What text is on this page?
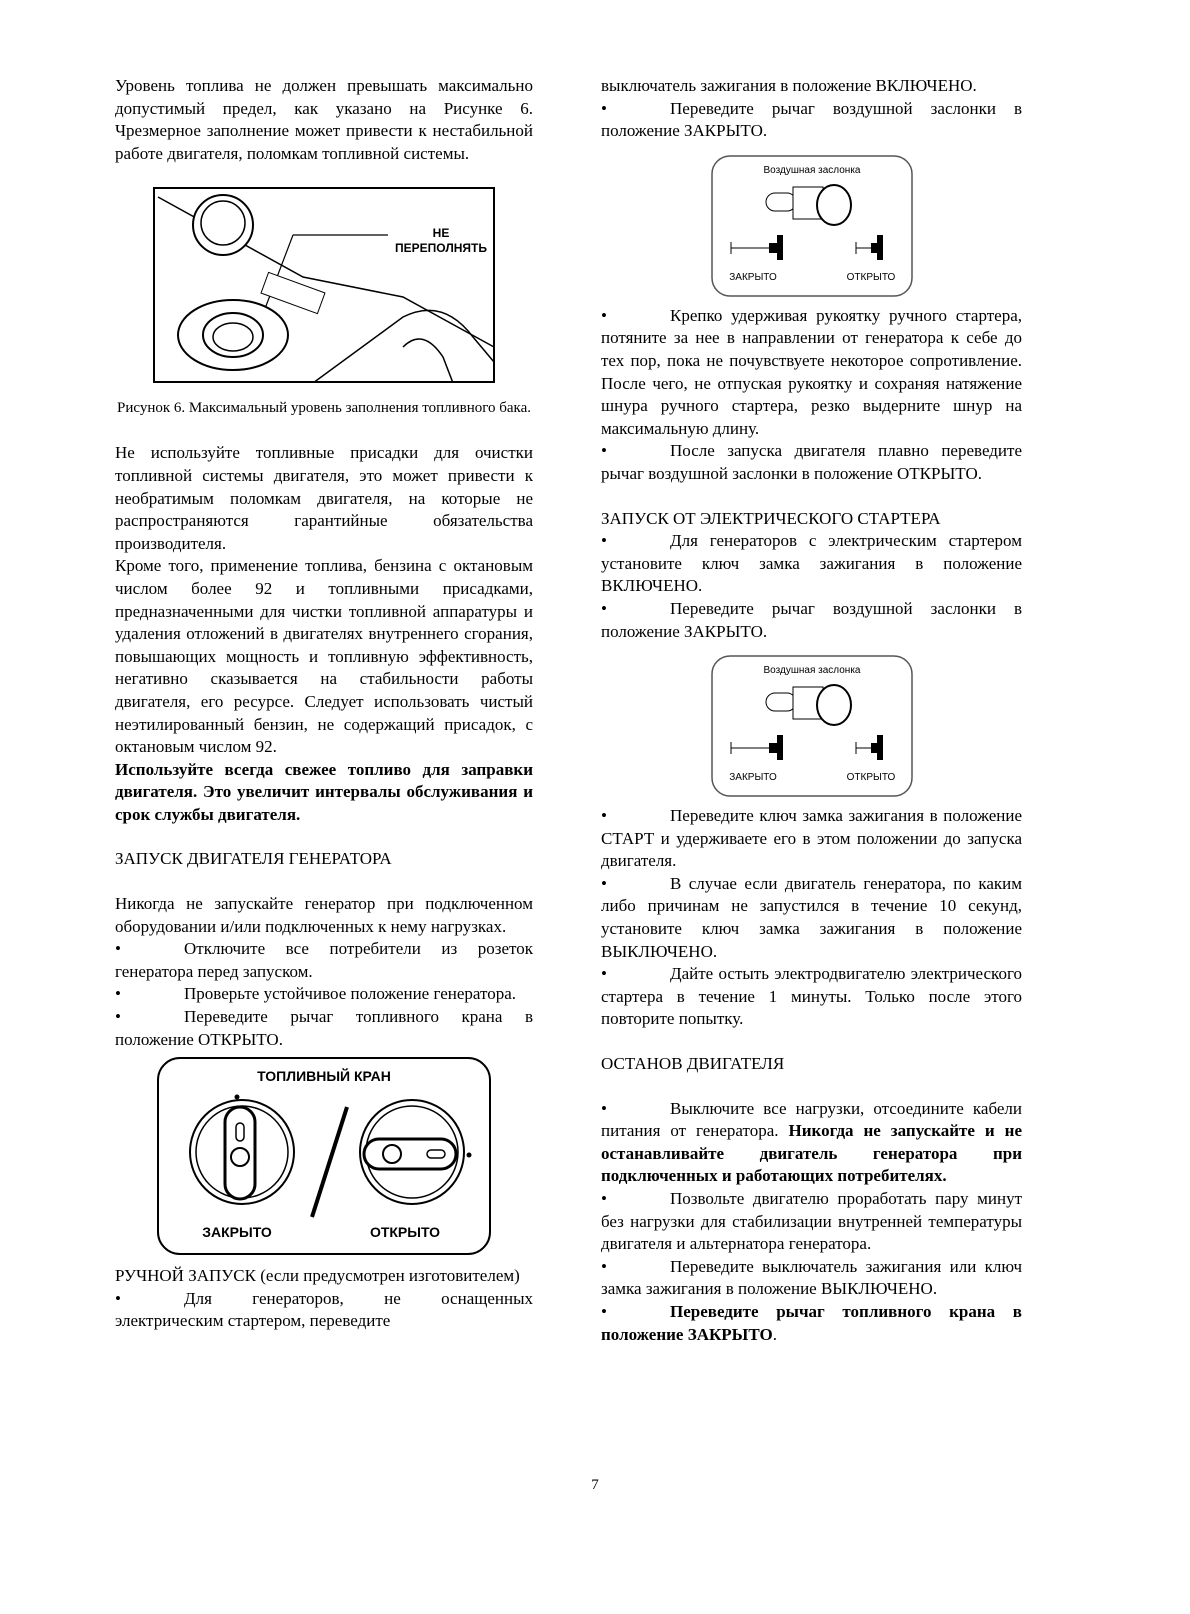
Уровень топлива не должен превышать максимально допустимый предел, как указано на Рисунке 6. Чрезмерное заполнение может привести к нестабильной работе двигателя, поломкам топливной системы.

НЕ
ПЕРЕПОЛНЯТЬ

Рисунок 6. Максимальный уровень заполнения топливного бака.

Не используйте топливные присадки для очистки топливной системы двигателя, это может привести к необратимым поломкам двигателя, на которые не распространяются гарантийные обязательства производителя.

Кроме того, применение топлива, бензина с октановым числом более 92 и топливными присадками, предназначенными для чистки топливной аппаратуры и удаления отложений в двигателях внутреннего сгорания, повышающих мощность и топливную эффективность, негативно сказывается на стабильности работы двигателя, его ресурсе. Следует использовать чистый неэтилированный бензин, не содержащий присадок, с октановым числом 92.

Используйте всегда свежее топливо для заправки двигателя. Это увеличит интервалы обслуживания и срок службы двигателя.

ЗАПУСК ДВИГАТЕЛЯ ГЕНЕРАТОРА

Никогда не запускайте генератор при подключенном оборудовании и/или подключенных к нему нагрузках.

•	Отключите все потребители из розеток генератора перед запуском.

•	Проверьте устойчивое положение генератора.

•	Переведите рычаг топливного крана в положение ОТКРЫТО.

ТОПЛИВНЫЙ КРАН
ЗАКРЫТО	ОТКРЫТО

РУЧНОЙ ЗАПУСК (если предусмотрен изготовителем)

•	Для генераторов, не оснащенных электрическим стартером, переведите

выключатель зажигания в положение ВКЛЮЧЕНО.

•	Переведите рычаг воздушной заслонки в положение ЗАКРЫТО.

Воздушная заслонка
ЗАКРЫТО	ОТКРЫТО

•	Крепко удерживая рукоятку ручного стартера, потяните за нее в направлении от генератора к себе до тех пор, пока не почувствуете некоторое сопротивление. После чего, не отпуская рукоятку и сохраняя натяжение шнура ручного стартера, резко выдерните шнур на максимальную длину.

•	После запуска двигателя плавно переведите рычаг воздушной заслонки в положение ОТКРЫТО.

ЗАПУСК ОТ ЭЛЕКТРИЧЕСКОГО СТАРТЕРА

•	Для генераторов с электрическим стартером установите ключ замка зажигания в положение ВКЛЮЧЕНО.

•	Переведите рычаг воздушной заслонки в положение ЗАКРЫТО.

Воздушная заслонка
ЗАКРЫТО	ОТКРЫТО

•	Переведите ключ замка зажигания в положение СТАРТ и удерживаете его в этом положении до запуска двигателя.

•	В случае если двигатель генератора, по каким либо причинам не запустился в течение 10 секунд, установите ключ замка зажигания в положение ВЫКЛЮЧЕНО.

•	Дайте остыть электродвигателю электрического стартера в течение 1 минуты. Только после этого повторите попытку.

ОСТАНОВ ДВИГАТЕЛЯ

•	Выключите все нагрузки, отсоедините кабели питания от генератора. Никогда не запускайте и не останавливайте двигатель генератора при подключенных и работающих потребителях.

•	Позвольте двигателю проработать пару минут без нагрузки для стабилизации внутренней температуры двигателя и альтернатора генератора.

•	Переведите выключатель зажигания или ключ замка зажигания в положение ВЫКЛЮЧЕНО.

•	Переведите рычаг топливного крана в положение ЗАКРЫТО.

7
